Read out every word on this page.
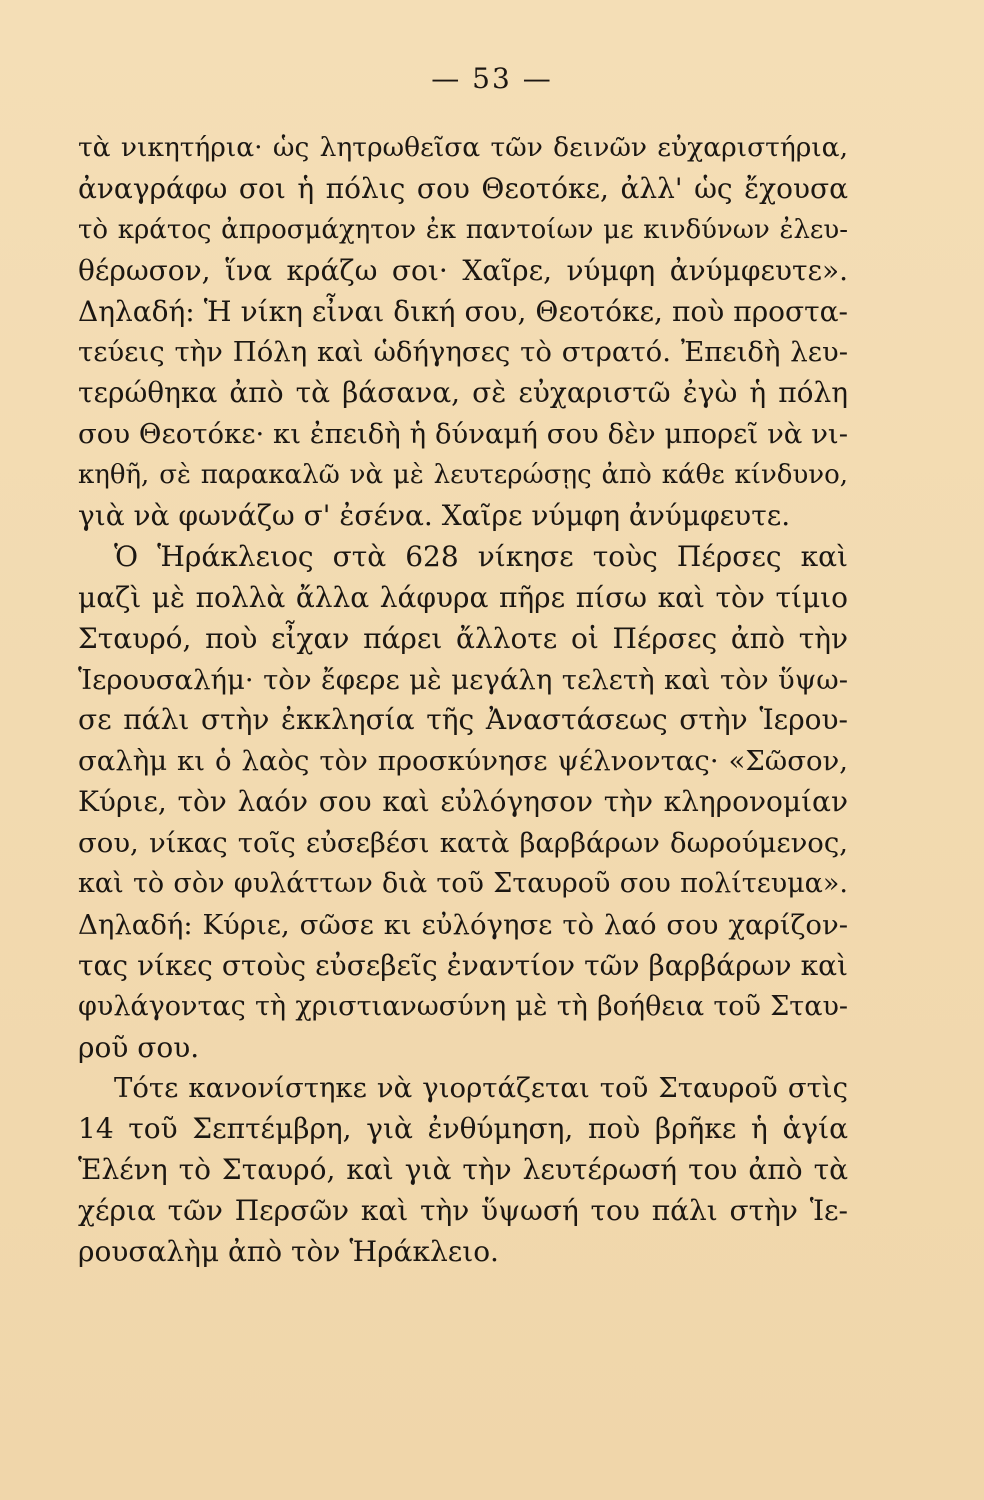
— 53 —
τὰ νικητήρια· ὡς λητρωθεῖσα τῶν δεινῶν εὐχαριστήρια,
ἀναγράφω σοι ἡ πόλις σου Θεοτόκε, ἀλλ' ὡς ἔχουσα
τὸ κράτος ἀπροσμάχητον ἐκ παντοίων με κινδύνων ἐλευ-
θέρωσον, ἵνα κράζω σοι· Χαῖρε, νύμφη ἀνύμφευτε».
Δηλαδή: Ἡ νίκη εἶναι δική σου, Θεοτόκε, ποὺ προστα-
τεύεις τὴν Πόλη καὶ ὡδήγησες τὸ στρατό. Ἐπειδὴ λευ-
τερώθηκα ἀπὸ τὰ βάσανα, σὲ εὐχαριστῶ ἐγὼ ἡ πόλη
σου Θεοτόκε· κι ἐπειδὴ ἡ δύναμή σου δὲν μπορεῖ νὰ νι-
κηθῆ, σὲ παρακαλῶ νὰ μὲ λευτερώσῃς ἀπὸ κάθε κίνδυνο,
γιὰ νὰ φωνάζω σ' ἐσένα. Χαῖρε νύμφη ἀνύμφευτε.
Ὁ Ἡράκλειος στὰ 628 νίκησε τοὺς Πέρσες καὶ
μαζὶ μὲ πολλὰ ἄλλα λάφυρα πῆρε πίσω καὶ τὸν τίμιο
Σταυρό, ποὺ εἶχαν πάρει ἄλλοτε οἱ Πέρσες ἀπὸ τὴν
Ἱερουσαλήμ· τὸν ἔφερε μὲ μεγάλη τελετὴ καὶ τὸν ὕψω-
σε πάλι στὴν ἐκκλησία τῆς Ἀναστάσεως στὴν Ἱερου-
σαλὴμ κι ὁ λαὸς τὸν προσκύνησε ψέλνοντας· «Σῶσον,
Κύριε, τὸν λαόν σου καὶ εὐλόγησον τὴν κληρονομίαν
σου, νίκας τοῖς εὐσεβέσι κατὰ βαρβάρων δωρούμενος,
καὶ τὸ σὸν φυλάττων διὰ τοῦ Σταυροῦ σου πολίτευμα».
Δηλαδή: Κύριε, σῶσε κι εὐλόγησε τὸ λαό σου χαρίζον-
τας νίκες στοὺς εὐσεβεῖς ἐναντίον τῶν βαρβάρων καὶ
φυλάγοντας τὴ χριστιανωσύνη μὲ τὴ βοήθεια τοῦ Σταυ-
ροῦ σου.
Τότε κανονίστηκε νὰ γιορτάζεται τοῦ Σταυροῦ στὶς
14 τοῦ Σεπτέμβρη, γιὰ ἐνθύμηση, ποὺ βρῆκε ἡ ἁγία
Ἑλένη τὸ Σταυρό, καὶ γιὰ τὴν λευτέρωσή του ἀπὸ τὰ
χέρια τῶν Περσῶν καὶ τὴν ὕψωσή του πάλι στὴν Ἱε-
ρουσαλὴμ ἀπὸ τὸν Ἡράκλειο.
